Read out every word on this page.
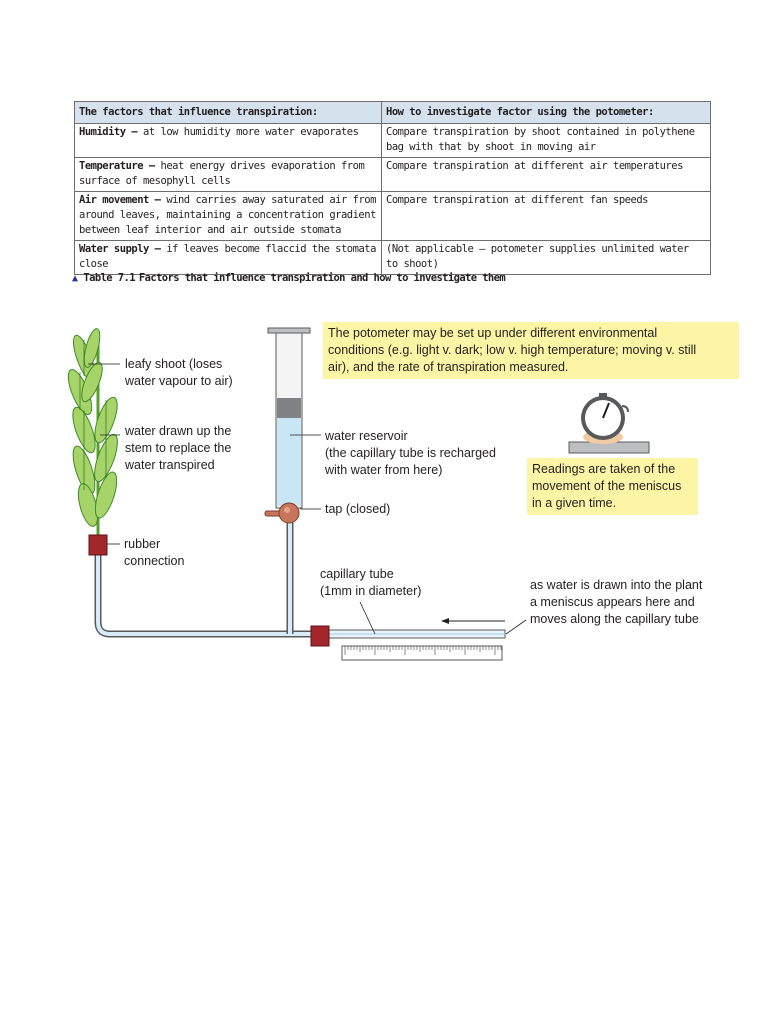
The factors that influence transpiration:	How to investigate factor using the potometer:
Humidity – at low humidity more water evaporates	Compare transpiration by shoot contained in polythene bag with that by shoot in moving air
Temperature – heat energy drives evaporation from surface of mesophyll cells	Compare transpiration at different air temperatures
Air movement – wind carries away saturated air from around leaves, maintaining a concentration gradient between leaf interior and air outside stomata	Compare transpiration at different fan speeds
Water supply – if leaves become flaccid the stomata close	(Not applicable – potometer supplies unlimited water to shoot)
▲ Table 7.1 Factors that influence transpiration and how to investigate them
leafy shoot (loses
water vapour to air)
water drawn up the
stem to replace the
water transpired
rubber
connection
water reservoir
(the capillary tube is recharged
with water from here)
tap (closed)
capillary tube
(1mm in diameter)	as water is drawn into the plant
a meniscus appears here and
moves along the capillary tube
The potometer may be set up under different environmental
conditions (e.g. light v. dark; low v. high temperature; moving v. still
air), and the rate of transpiration measured.
Readings are taken of the
movement of the meniscus
in a given time.
